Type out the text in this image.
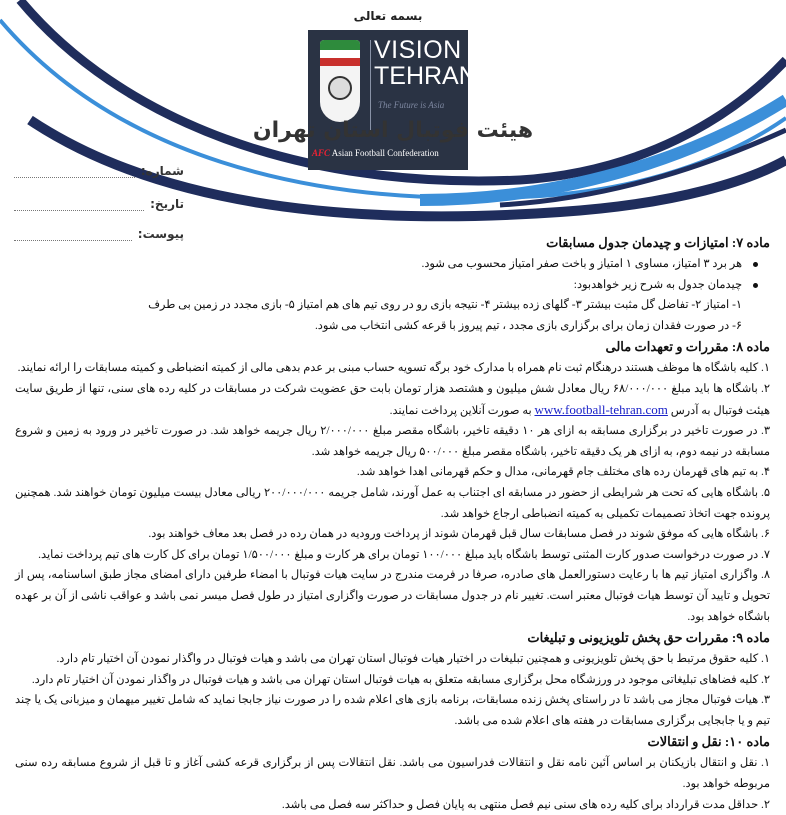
بسمه تعالی
VISION
TEHRAN
The Future is Asia
AFC Asian Football Confederation
هیئت فوتبال استان تهران
شماره:
تاریخ:
پیوست:

ماده ۷: امتیازات و چیدمان جدول مسابقات

هر برد ۳ امتیاز، مساوی ۱ امتیاز و باخت صفر امتیاز محسوب می شود.

چیدمان جدول به شرح زیر خواهدبود:

۱- امتیاز ۲- تفاضل گل مثبت بیشتر ۳- گلهای زده بیشتر ۴- نتیجه بازی رو در روی تیم های هم امتیاز ۵- بازی مجدد در زمین بی طرف

۶- در صورت فقدان زمان برای برگزاری بازی مجدد ، تیم پیروز با قرعه کشی انتخاب می شود.

ماده ۸: مقررات و تعهدات مالی

۱. کلیه باشگاه ها موظف هستند درهنگام ثبت نام همراه با مدارک خود برگه تسویه حساب مبنی بر عدم بدهی مالی از کمیته انضباطی و کمیته مسابقات را ارائه نمایند.

۲. باشگاه ها باید مبلغ ۶۸/۰۰۰/۰۰۰ ریال معادل شش میلیون و هشتصد هزار تومان بابت حق عضویت شرکت در مسابقات در کلیه رده های سنی، تنها از طریق سایت هیئت فوتبال به آدرس www.football-tehran.com به صورت آنلاین پرداخت نمایند.

۳. در صورت تاخیر در برگزاری مسابقه به ازای هر ۱۰ دقیقه تاخیر، باشگاه مقصر مبلغ ۲/۰۰۰/۰۰۰ ریال جریمه خواهد شد. در صورت تاخیر در ورود به زمین و شروع مسابقه در نیمه دوم، به ازای هر یک دقیقه تاخیر، باشگاه مقصر مبلغ ۵۰۰/۰۰۰ ریال جریمه خواهد شد.

۴. به تیم های قهرمان رده های مختلف جام قهرمانی، مدال و حکم قهرمانی اهدا خواهد شد.

۵. باشگاه هایی که تحت هر شرایطی از حضور در مسابقه ای اجتناب به عمل آورند، شامل جریمه ۲۰۰/۰۰۰/۰۰۰ ریالی معادل بیست میلیون تومان خواهند شد. همچنین پرونده جهت اتخاذ تصمیمات تکمیلی به کمیته انضباطی ارجاع خواهد شد.

۶. باشگاه هایی که موفق شوند در فصل مسابقات سال قبل قهرمان شوند از پرداخت ورودیه در همان رده در فصل بعد معاف خواهند بود.

۷. در صورت درخواست صدور کارت المثنی توسط باشگاه باید مبلغ ۱۰۰/۰۰۰ تومان برای هر کارت و مبلغ ۱/۵۰۰/۰۰۰ تومان برای کل کارت های تیم پرداخت نماید.

۸. واگزاری امتیاز تیم ها با رعایت دستورالعمل های صادره، صرفا در فرمت مندرج در سایت هیات فوتبال با امضاء طرفین دارای امضای مجاز طبق اساسنامه، پس از تحویل و تایید آن توسط هیات فوتبال معتبر است. تغییر نام در جدول مسابقات در صورت واگزاری امتیاز در طول فصل میسر نمی باشد و عواقب ناشی از آن بر عهده باشگاه خواهد بود.

ماده ۹: مقررات حق پخش تلویزیونی و تبلیغات

۱. کلیه حقوق مرتبط با حق پخش تلویزیونی و همچنین تبلیغات در اختیار هیات فوتبال استان تهران می باشد و هیات فوتبال در واگذار نمودن آن اختیار تام دارد.

۲. کلیه فضاهای تبلیغاتی موجود در ورزشگاه محل برگزاری مسابقه متعلق به هیات فوتبال استان تهران می باشد و هیات فوتبال در واگذار نمودن آن اختیار تام دارد.

۳. هیات فوتبال مجاز می باشد تا در راستای پخش زنده مسابقات، برنامه بازی های اعلام شده را در صورت نیاز جابجا نماید که شامل تغییر میهمان و میزبانی یک یا چند تیم و یا جابجایی برگزاری مسابقات در هفته های اعلام شده می باشد.

ماده ۱۰: نقل و انتقالات

۱. نقل و انتقال بازیکنان بر اساس آئین نامه نقل و انتقالات فدراسیون می باشد. نقل انتقالات پس از برگزاری قرعه کشی آغاز و تا قبل از شروع مسابقه رده سنی مربوطه خواهد بود.

۲. حداقل مدت قرارداد برای کلیه رده های سنی نیم فصل منتهی به پایان فصل و حداکثر سه فصل می باشد.
